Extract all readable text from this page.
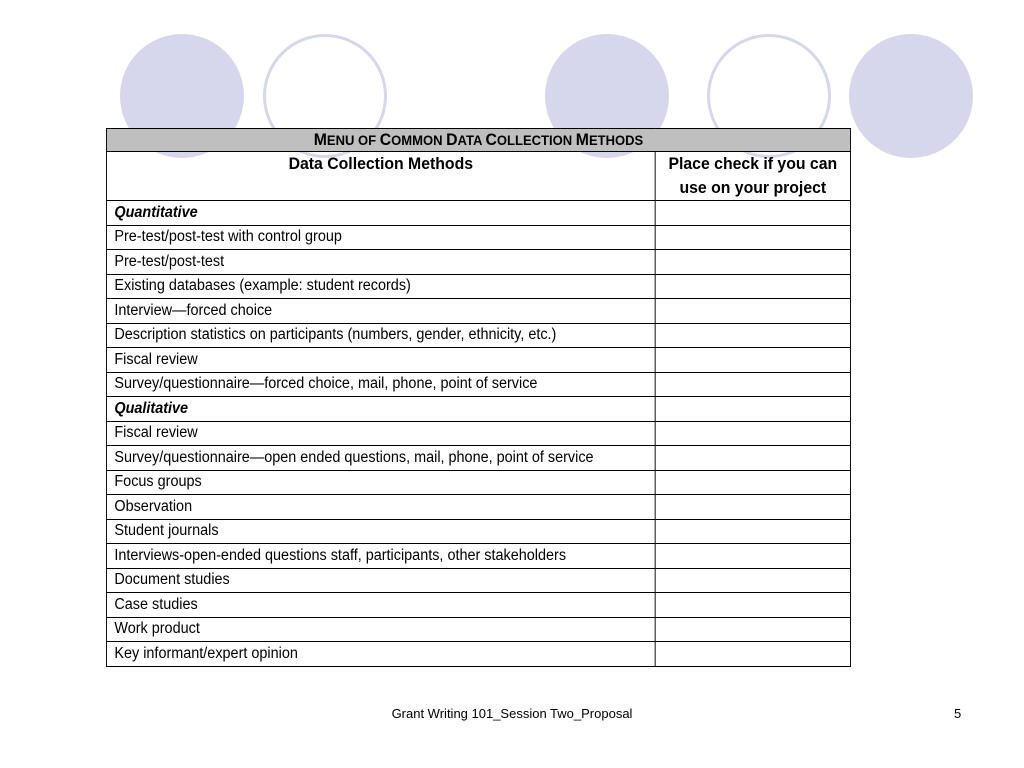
MENU OF COMMON DATA COLLECTION METHODS	
Data Collection Methods	Place check if you can use on your project
Quantitative	
Pre-test/post-test with control group	
Pre-test/post-test	
Existing databases (example: student records)	
Interview—forced choice	
Description statistics on participants (numbers, gender, ethnicity, etc.)	
Fiscal review	
Survey/questionnaire—forced choice, mail, phone, point of service	
Qualitative	
Fiscal review	
Survey/questionnaire—open ended questions, mail, phone, point of service	
Focus groups	
Observation	
Student journals	
Interviews-open-ended questions staff, participants, other stakeholders	
Document studies	
Case studies	
Work product	
Key informant/expert opinion	
Grant Writing 101_Session Two_Proposal	5
